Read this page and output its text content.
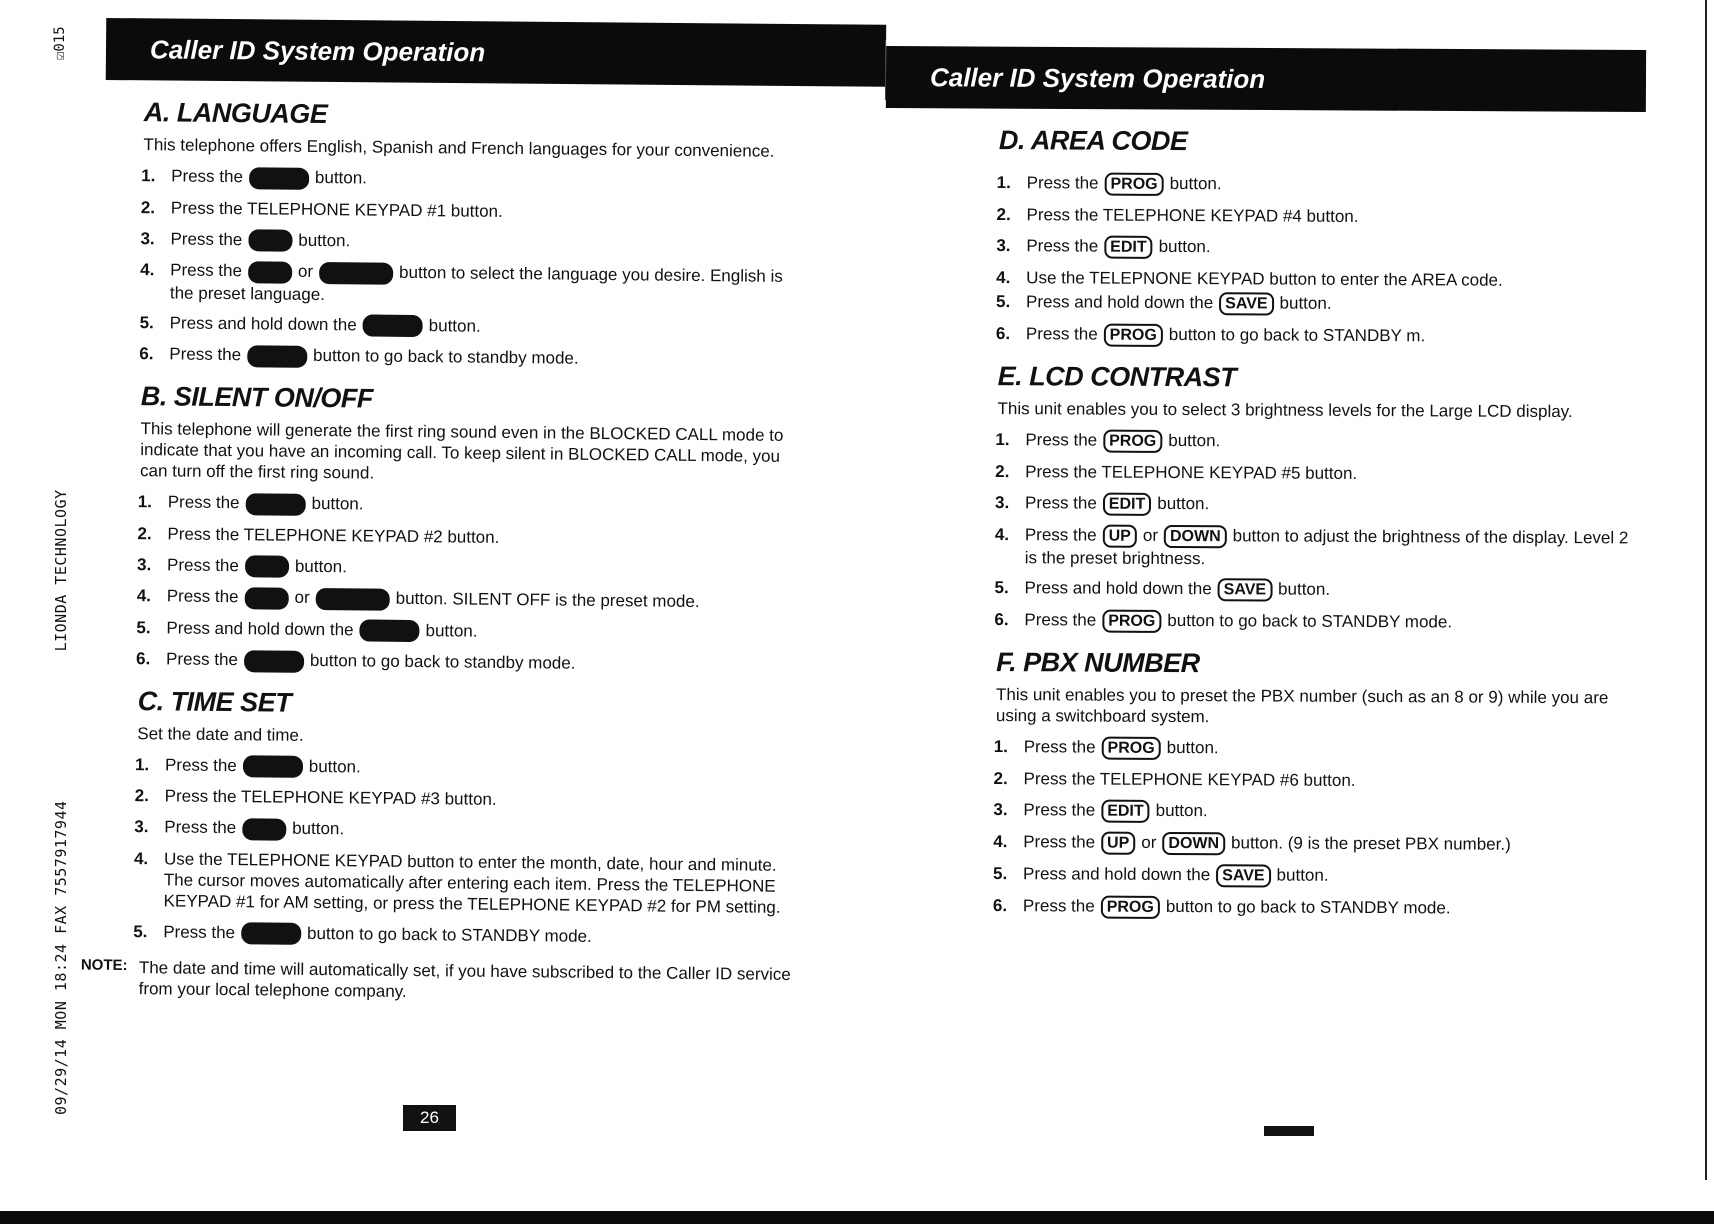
☑015
09/29/14 MON 18:24 FAX 7557917944  LIONDA TECHNOLOGY
Caller ID System Operation
Caller ID System Operation
A. LANGUAGE
This telephone offers English, Spanish and French languages for your convenience.
1. Press the	button.
2. Press the TELEPHONE KEYPAD #1 button.
3. Press the	button.
4. Press the	or	button to select the language you desire. English is the preset language.
5. Press and hold down the	button.
6. Press the	button to go back to standby mode.
B. SILENT ON/OFF
This telephone will generate the first ring sound even in the BLOCKED CALL mode to indicate that you have an incoming call. To keep silent in BLOCKED CALL mode, you can turn off the first ring sound.
1. Press the	button.
2. Press the TELEPHONE KEYPAD #2 button.
3. Press the	button.
4. Press the	or	button. SILENT OFF is the preset mode.
5. Press and hold down the	button.
6. Press the	button to go back to standby mode.
C. TIME SET
Set the date and time.
1. Press the	button.
2. Press the TELEPHONE KEYPAD #3 button.
3. Press the	button.
4. Use the TELEPHONE KEYPAD button to enter the month, date, hour and minute. The cursor moves automatically after entering each item. Press the TELEPHONE KEYPAD #1 for AM setting, or press the TELEPHONE KEYPAD #2 for PM setting.
5. Press the	button to go back to STANDBY mode.
NOTE: The date and time will automatically set, if you have subscribed to the Caller ID service from your local telephone company.
26
D. AREA CODE
1. Press the PROG button.
2. Press the TELEPHONE KEYPAD #4 button.
3. Press the EDIT button.
4. Use the TELEPNONE KEYPAD button to enter the AREA code.
5. Press and hold down the SAVE button.
6. Press the PROG button to go back to STANDBY m.
E. LCD CONTRAST
This unit enables you to select 3 brightness levels for the Large LCD display.
1. Press the PROG button.
2. Press the TELEPHONE KEYPAD #5 button.
3. Press the EDIT button.
4. Press the UP or DOWN button to adjust the brightness of the display. Level 2 is the preset brightness.
5. Press and hold down the SAVE button.
6. Press the PROG button to go back to STANDBY mode.
F. PBX NUMBER
This unit enables you to preset the PBX number (such as an 8 or 9) while you are using a switchboard system.
1. Press the PROG button.
2. Press the TELEPHONE KEYPAD #6 button.
3. Press the EDIT button.
4. Press the UP or DOWN button. (9 is the preset PBX number.)
5. Press and hold down the SAVE button.
6. Press the PROG button to go back to STANDBY mode.
